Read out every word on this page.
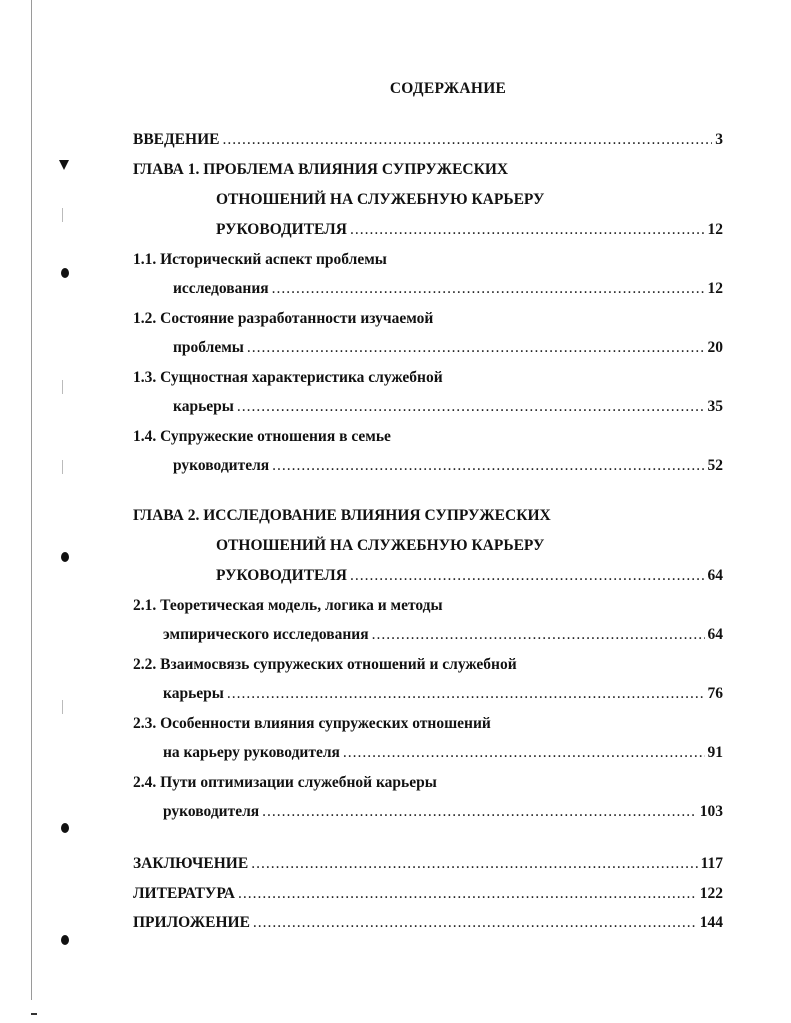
СОДЕРЖАНИЕ
ВВЕДЕНИЕ .....	3
ГЛАВА 1. ПРОБЛЕМА ВЛИЯНИЯ СУПРУЖЕСКИХ
ОТНОШЕНИЙ НА СЛУЖЕБНУЮ КАРЬЕРУ
РУКОВОДИТЕЛЯ .....	12
1.1. Исторический аспект проблемы
исследования .....	12
1.2. Состояние разработанности изучаемой
проблемы .....	20
1.3. Сущностная характеристика служебной
карьеры .....	35
1.4. Супружеские отношения в семье
руководителя .....	52
ГЛАВА 2. ИССЛЕДОВАНИЕ ВЛИЯНИЯ СУПРУЖЕСКИХ
ОТНОШЕНИЙ НА СЛУЖЕБНУЮ КАРЬЕРУ
РУКОВОДИТЕЛЯ .....	64
2.1. Теоретическая модель, логика и методы
эмпирического исследования .....	64
2.2. Взаимосвязь супружеских отношений и служебной
карьеры .....	76
2.3. Особенности влияния супружеских отношений
на карьеру руководителя .....	91
2.4. Пути оптимизации служебной карьеры
руководителя .....	103
ЗАКЛЮЧЕНИЕ .....	117
ЛИТЕРАТУРА .....	122
ПРИЛОЖЕНИЕ .....	144
